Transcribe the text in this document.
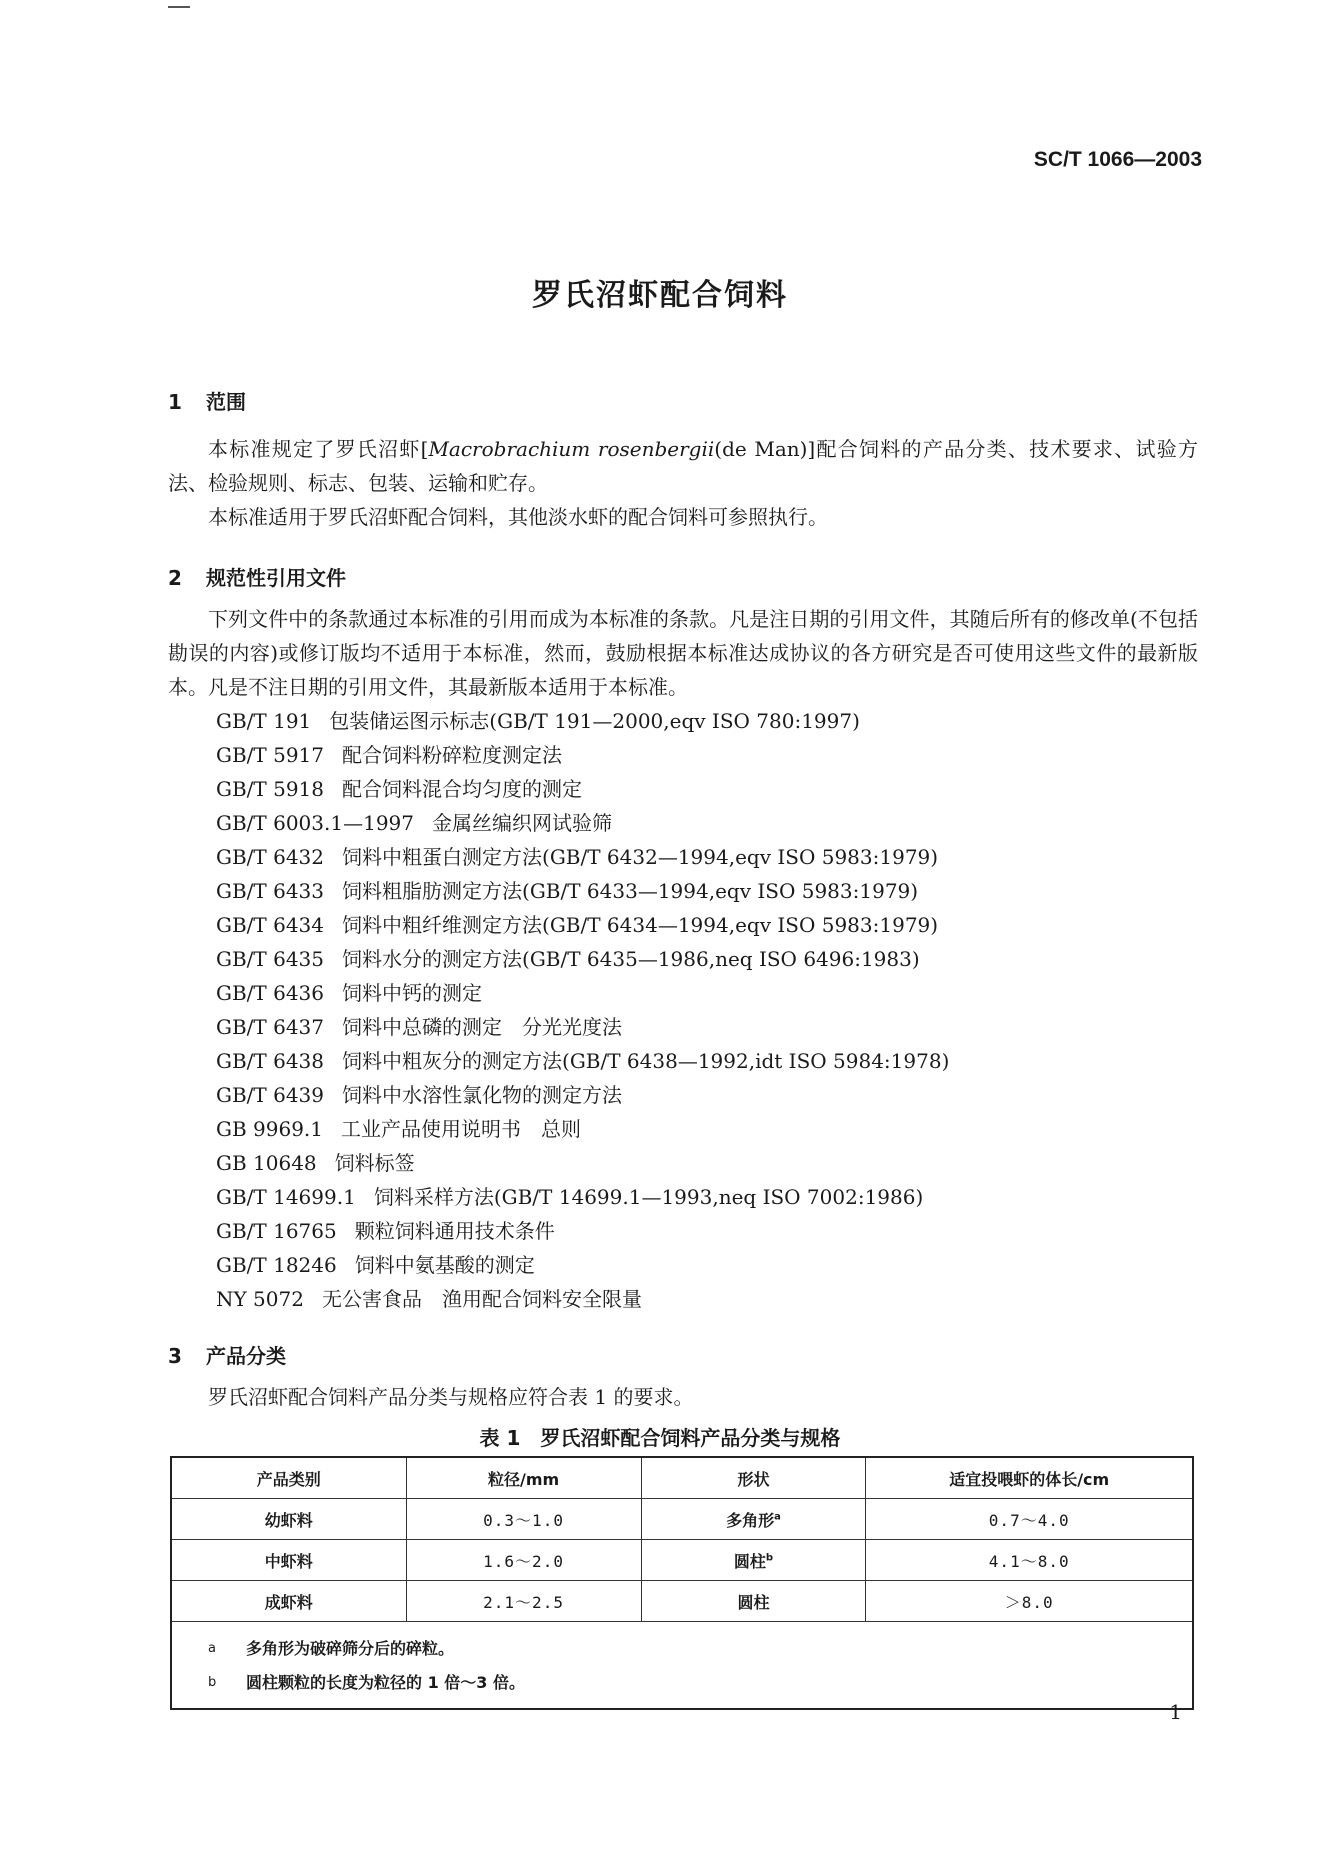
SC/T 1066—2003
罗氏沼虾配合饲料
1 范围
本标准规定了罗氏沼虾[Macrobrachium rosenbergii(de Man)]配合饲料的产品分类、技术要求、试验方法、检验规则、标志、包装、运输和贮存。
本标准适用于罗氏沼虾配合饲料，其他淡水虾的配合饲料可参照执行。
2 规范性引用文件
下列文件中的条款通过本标准的引用而成为本标准的条款。凡是注日期的引用文件，其随后所有的修改单(不包括勘误的内容)或修订版均不适用于本标准，然而，鼓励根据本标准达成协议的各方研究是否可使用这些文件的最新版本。凡是不注日期的引用文件，其最新版本适用于本标准。
GB/T 191 包装储运图示标志(GB/T 191—2000,eqv ISO 780:1997)
GB/T 5917 配合饲料粉碎粒度测定法
GB/T 5918 配合饲料混合均匀度的测定
GB/T 6003.1—1997 金属丝编织网试验筛
GB/T 6432 饲料中粗蛋白测定方法(GB/T 6432—1994,eqv ISO 5983:1979)
GB/T 6433 饲料粗脂肪测定方法(GB/T 6433—1994,eqv ISO 5983:1979)
GB/T 6434 饲料中粗纤维测定方法(GB/T 6434—1994,eqv ISO 5983:1979)
GB/T 6435 饲料水分的测定方法(GB/T 6435—1986,neq ISO 6496:1983)
GB/T 6436 饲料中钙的测定
GB/T 6437 饲料中总磷的测定　分光光度法
GB/T 6438 饲料中粗灰分的测定方法(GB/T 6438—1992,idt ISO 5984:1978)
GB/T 6439 饲料中水溶性氯化物的测定方法
GB 9969.1 工业产品使用说明书　总则
GB 10648 饲料标签
GB/T 14699.1 饲料采样方法(GB/T 14699.1—1993,neq ISO 7002:1986)
GB/T 16765 颗粒饲料通用技术条件
GB/T 18246 饲料中氨基酸的测定
NY 5072 无公害食品　渔用配合饲料安全限量
3 产品分类
罗氏沼虾配合饲料产品分类与规格应符合表 1 的要求。
表 1　罗氏沼虾配合饲料产品分类与规格
产品类别	粒径/mm	形状	适宜投喂虾的体长/cm
幼虾料	0.3～1.0	多角形$^a$	0.7～4.0
中虾料	1.6～2.0	圆柱$^b$	4.1～8.0
成虾料	2.1～2.5	圆柱	＞8.0

a 多角形为破碎筛分后的碎粒。
b 圆柱颗粒的长度为粒径的 1 倍～3 倍。			
1
